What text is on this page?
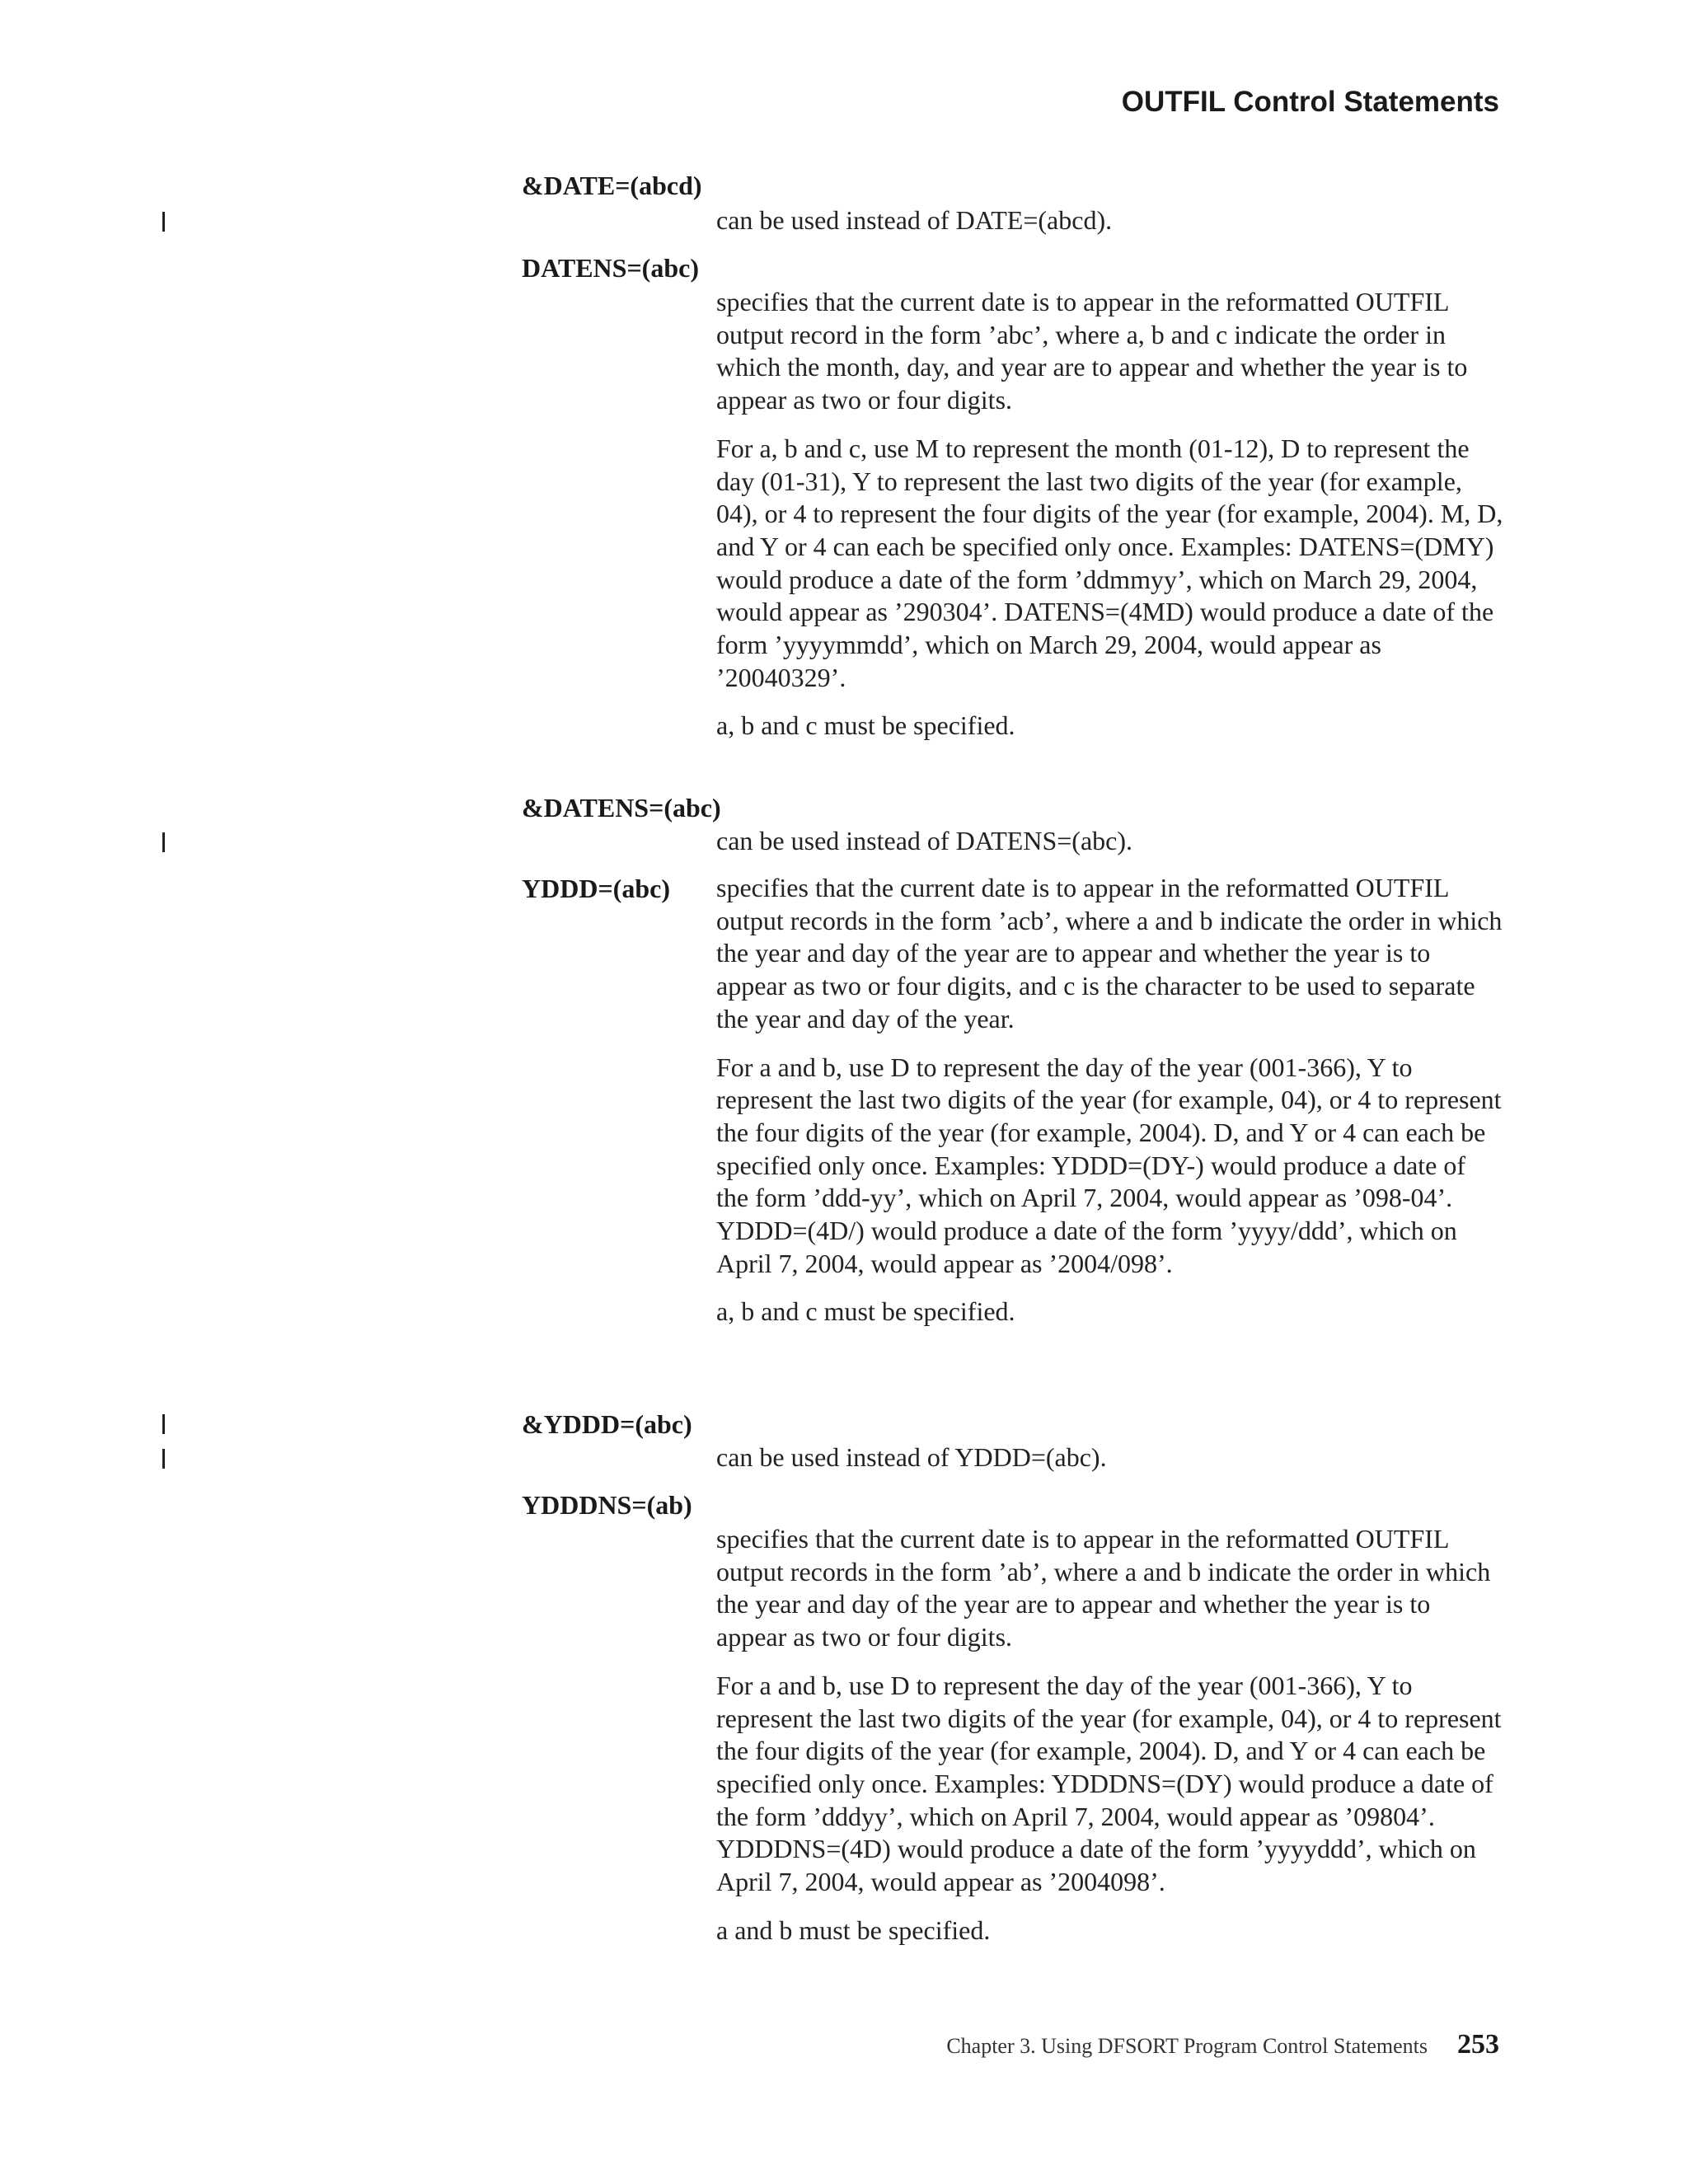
OUTFIL Control Statements
&DATE=(abcd)

can be used instead of DATE=(abcd).

DATENS=(abc)

specifies that the current date is to appear in the reformatted OUTFIL output record in the form ’abc’, where a, b and c indicate the order in which the month, day, and year are to appear and whether the year is to appear as two or four digits.

For a, b and c, use M to represent the month (01-12), D to represent the day (01-31), Y to represent the last two digits of the year (for example, 04), or 4 to represent the four digits of the year (for example, 2004). M, D, and Y or 4 can each be specified only once. Examples: DATENS=(DMY) would produce a date of the form ’ddmmyy’, which on March 29, 2004, would appear as ’290304’. DATENS=(4MD) would produce a date of the form ’yyyymmdd’, which on March 29, 2004, would appear as ’20040329’.

a, b and c must be specified.

&DATENS=(abc)

can be used instead of DATENS=(abc).

YDDD=(abc) specifies that the current date is to appear in the reformatted OUTFIL output records in the form ’acb’, where a and b indicate the order in which the year and day of the year are to appear and whether the year is to appear as two or four digits, and c is the character to be used to separate the year and day of the year.

For a and b, use D to represent the day of the year (001-366), Y to represent the last two digits of the year (for example, 04), or 4 to represent the four digits of the year (for example, 2004). D, and Y or 4 can each be specified only once. Examples: YDDD=(DY-) would produce a date of the form ’ddd-yy’, which on April 7, 2004, would appear as ’098-04’. YDDD=(4D/) would produce a date of the form ’yyyy/ddd’, which on April 7, 2004, would appear as ’2004/098’.

a, b and c must be specified.

&YDDD=(abc)

can be used instead of YDDD=(abc).

YDDDNS=(ab)

specifies that the current date is to appear in the reformatted OUTFIL output records in the form ’ab’, where a and b indicate the order in which the year and day of the year are to appear and whether the year is to appear as two or four digits.

For a and b, use D to represent the day of the year (001-366), Y to represent the last two digits of the year (for example, 04), or 4 to represent the four digits of the year (for example, 2004). D, and Y or 4 can each be specified only once. Examples: YDDDNS=(DY) would produce a date of the form ’dddyy’, which on April 7, 2004, would appear as ’09804’. YDDDNS=(4D) would produce a date of the form ’yyyyddd’, which on April 7, 2004, would appear as ’2004098’.

a and b must be specified.

Chapter 3. Using DFSORT Program Control Statements 253
